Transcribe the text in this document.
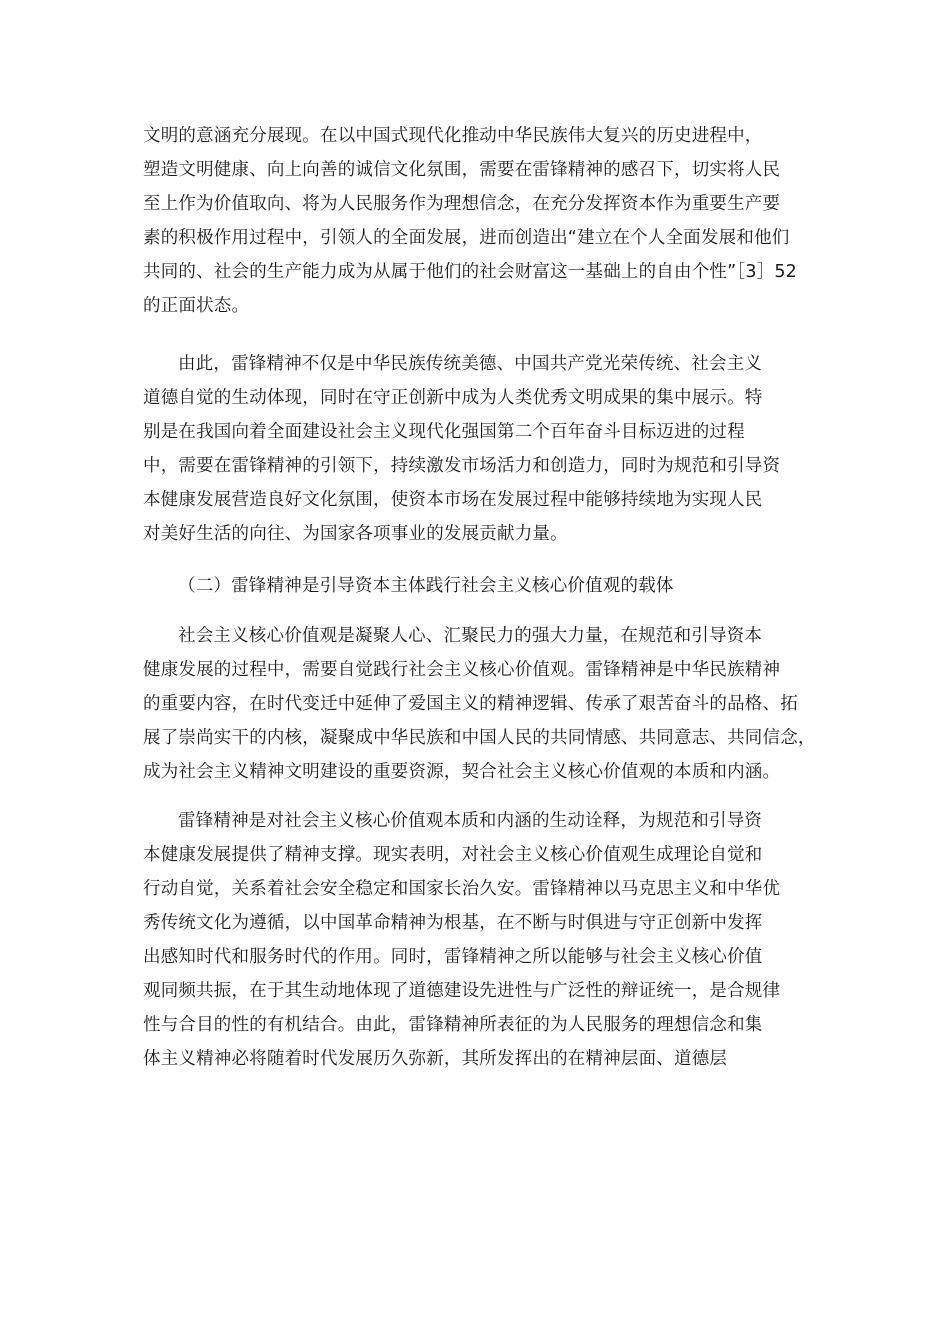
文明的意涵充分展现。在以中国式现代化推动中华民族伟大复兴的历史进程中，
塑造文明健康、向上向善的诚信文化氛围，需要在雷锋精神的感召下，切实将人民
至上作为价值取向、将为人民服务作为理想信念，在充分发挥资本作为重要生产要
素的积极作用过程中，引领人的全面发展，进而创造出“建立在个人全面发展和他们
共同的、社会的生产能力成为从属于他们的社会财富这一基础上的自由个性”［3］52
的正面状态。
由此，雷锋精神不仅是中华民族传统美德、中国共产党光荣传统、社会主义
道德自觉的生动体现，同时在守正创新中成为人类优秀文明成果的集中展示。特
别是在我国向着全面建设社会主义现代化强国第二个百年奋斗目标迈进的过程
中，需要在雷锋精神的引领下，持续激发市场活力和创造力，同时为规范和引导资
本健康发展营造良好文化氛围，使资本市场在发展过程中能够持续地为实现人民
对美好生活的向往、为国家各项事业的发展贡献力量。
（二）雷锋精神是引导资本主体践行社会主义核心价值观的载体
社会主义核心价值观是凝聚人心、汇聚民力的强大力量，在规范和引导资本
健康发展的过程中，需要自觉践行社会主义核心价值观。雷锋精神是中华民族精神
的重要内容，在时代变迁中延伸了爱国主义的精神逻辑、传承了艰苦奋斗的品格、拓
展了崇尚实干的内核，凝聚成中华民族和中国人民的共同情感、共同意志、共同信念，
成为社会主义精神文明建设的重要资源，契合社会主义核心价值观的本质和内涵。
雷锋精神是对社会主义核心价值观本质和内涵的生动诠释，为规范和引导资
本健康发展提供了精神支撑。现实表明，对社会主义核心价值观生成理论自觉和
行动自觉，关系着社会安全稳定和国家长治久安。雷锋精神以马克思主义和中华优
秀传统文化为遵循，以中国革命精神为根基，在不断与时俱进与守正创新中发挥
出感知时代和服务时代的作用。同时，雷锋精神之所以能够与社会主义核心价值
观同频共振，在于其生动地体现了道德建设先进性与广泛性的辩证统一，是合规律
性与合目的性的有机结合。由此，雷锋精神所表征的为人民服务的理想信念和集
体主义精神必将随着时代发展历久弥新，其所发挥出的在精神层面、道德层
